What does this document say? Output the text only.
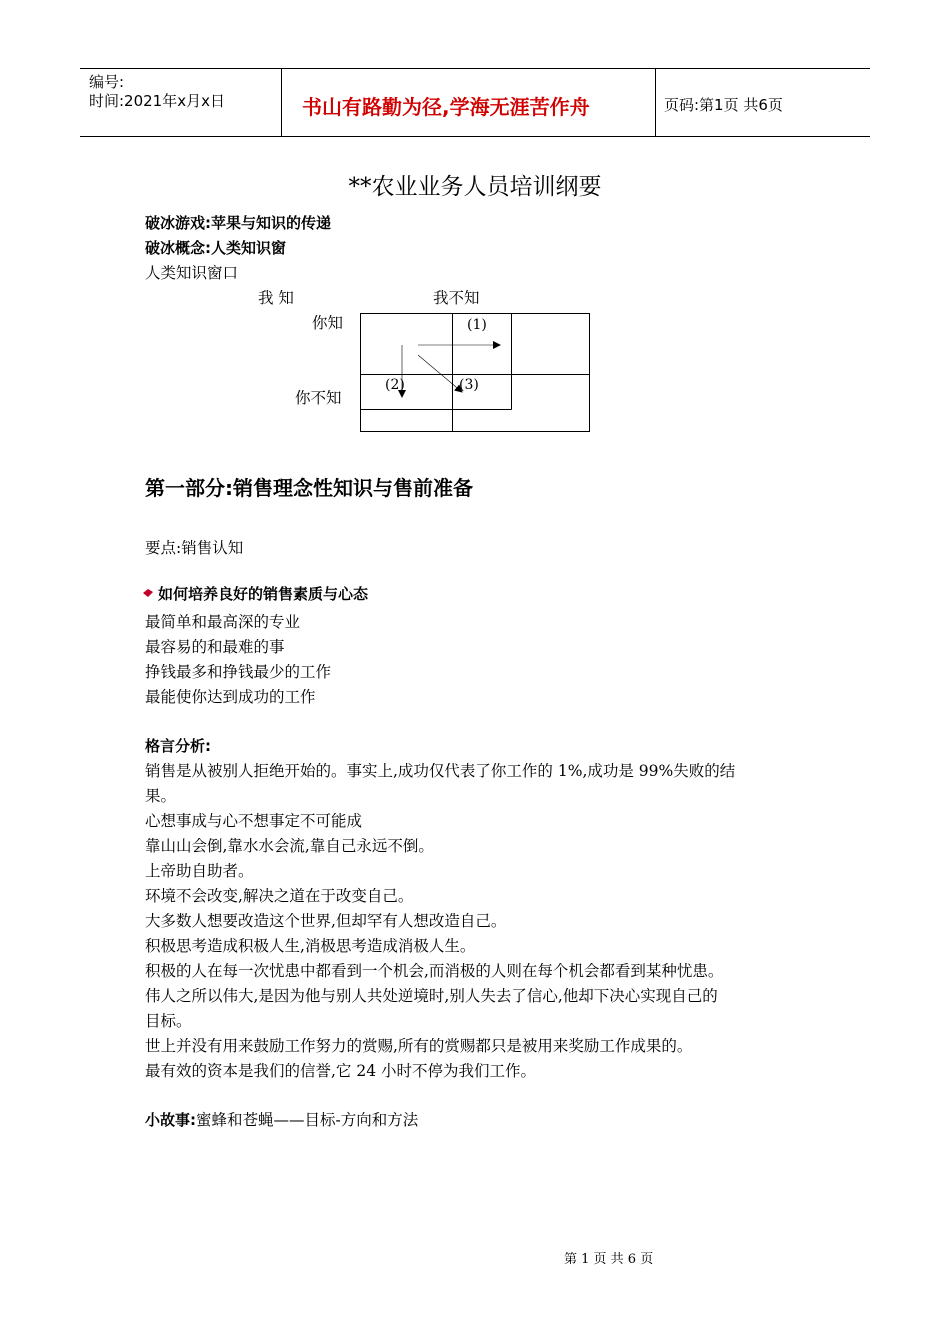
编号:
时间:2021年x月x日	书山有路勤为径,学海无涯苦作舟	页码:第1页 共6页
**农业业务人员培训纲要
破冰游戏:苹果与知识的传递
破冰概念:人类知识窗
人类知识窗口
我 知	我不知
你知
你不知
(1)
(2)	(3)
第一部分:销售理念性知识与售前准备
要点:销售认知
如何培养良好的销售素质与心态
最简单和最高深的专业
最容易的和最难的事
挣钱最多和挣钱最少的工作
最能使你达到成功的工作
格言分析:
销售是从被别人拒绝开始的。事实上,成功仅代表了你工作的 1%,成功是 99%失败的结
果。
心想事成与心不想事定不可能成
靠山山会倒,靠水水会流,靠自己永远不倒。
上帝助自助者。
环境不会改变,解决之道在于改变自己。
大多数人想要改造这个世界,但却罕有人想改造自己。
积极思考造成积极人生,消极思考造成消极人生。
积极的人在每一次忧患中都看到一个机会,而消极的人则在每个机会都看到某种忧患。
伟人之所以伟大,是因为他与别人共处逆境时,别人失去了信心,他却下决心实现自己的
目标。
世上并没有用来鼓励工作努力的赏赐,所有的赏赐都只是被用来奖励工作成果的。
最有效的资本是我们的信誉,它 24 小时不停为我们工作。
小故事:蜜蜂和苍蝇——目标-方向和方法
第 1 页 共 6 页
